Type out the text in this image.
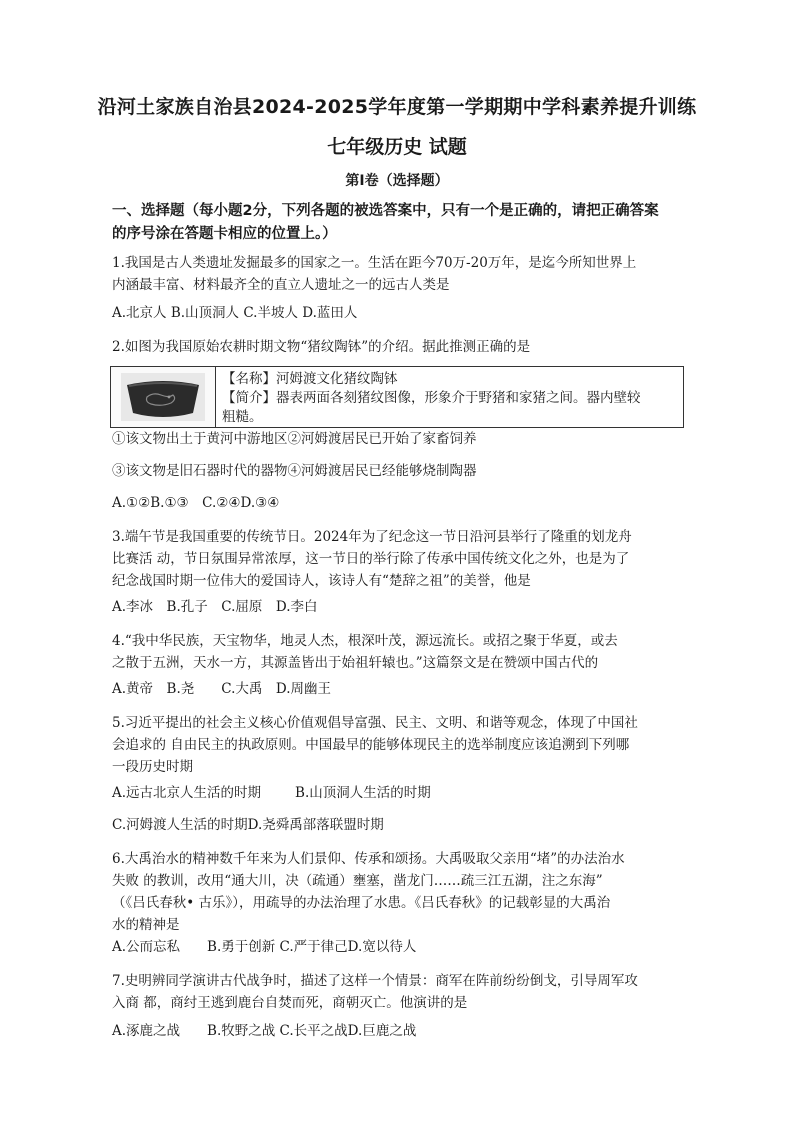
沿河土家族自治县2024-2025学年度第一学期期中学科素养提升训练
七年级历史 试题
第Ⅰ卷（选择题）
一、选择题（每小题2分，下列各题的被选答案中，只有一个是正确的，请把正确答案
的序号涂在答题卡相应的位置上。）
1.我国是古人类遗址发掘最多的国家之一。生活在距今70万-20万年，是迄今所知世界上
内涵最丰富、材料最齐全的直立人遗址之一的远古人类是
A.北京人 B.山顶洞人 C.半坡人 D.蓝田人
2.如图为我国原始农耕时期文物“猪纹陶钵”的介绍。据此推测正确的是
【名称】河姆渡文化猪纹陶钵
【简介】器表两面各刻猪纹图像，形象介于野猪和家猪之间。器内壁较
粗糙。
①该文物出土于黄河中游地区②河姆渡居民已开始了家畜饲养
③该文物是旧石器时代的器物④河姆渡居民已经能够烧制陶器
A.①②B.①③　C.②④D.③④
3.端午节是我国重要的传统节日。2024年为了纪念这一节日沿河县举行了隆重的划龙舟
比赛活 动，节日氛围异常浓厚，这一节日的举行除了传承中国传统文化之外，也是为了
纪念战国时期一位伟大的爱国诗人，该诗人有“楚辞之祖”的美誉，他是
A.李冰　B.孔子　C.屈原　D.李白
4.“我中华民族，天宝物华，地灵人杰，根深叶茂，源远流长。或招之聚于华夏，或去
之散于五洲，天水一方，其源盖皆出于始祖轩辕也。”这篇祭文是在赞颂中国古代的
A.黄帝　B.尧　　C.大禹　D.周幽王
5.习近平提出的社会主义核心价值观倡导富强、民主、文明、和谐等观念，体现了中国社
会追求的 自由民主的执政原则。中国最早的能够体现民主的选举制度应该追溯到下列哪
一段历史时期
A.远古北京人生活的时期	B.山顶洞人生活的时期
C.河姆渡人生活的时期D.尧舜禹部落联盟时期
6.大禹治水的精神数千年来为人们景仰、传承和颂扬。大禹吸取父亲用“堵”的办法治水
失败 的教训，改用“通大川，决（疏通）壅塞，凿龙门……疏三江五湖，注之东海”
（《吕氏春秋• 古乐》），用疏导的办法治理了水患。《吕氏春秋》的记载彰显的大禹治
水的精神是
A.公而忘私　　B.勇于创新 C.严于律己D.宽以待人
7.史明辨同学演讲古代战争时，描述了这样一个情景：商军在阵前纷纷倒戈，引导周军攻
入商 都，商纣王逃到鹿台自焚而死，商朝灭亡。他演讲的是
A.涿鹿之战　　B.牧野之战 C.长平之战D.巨鹿之战
